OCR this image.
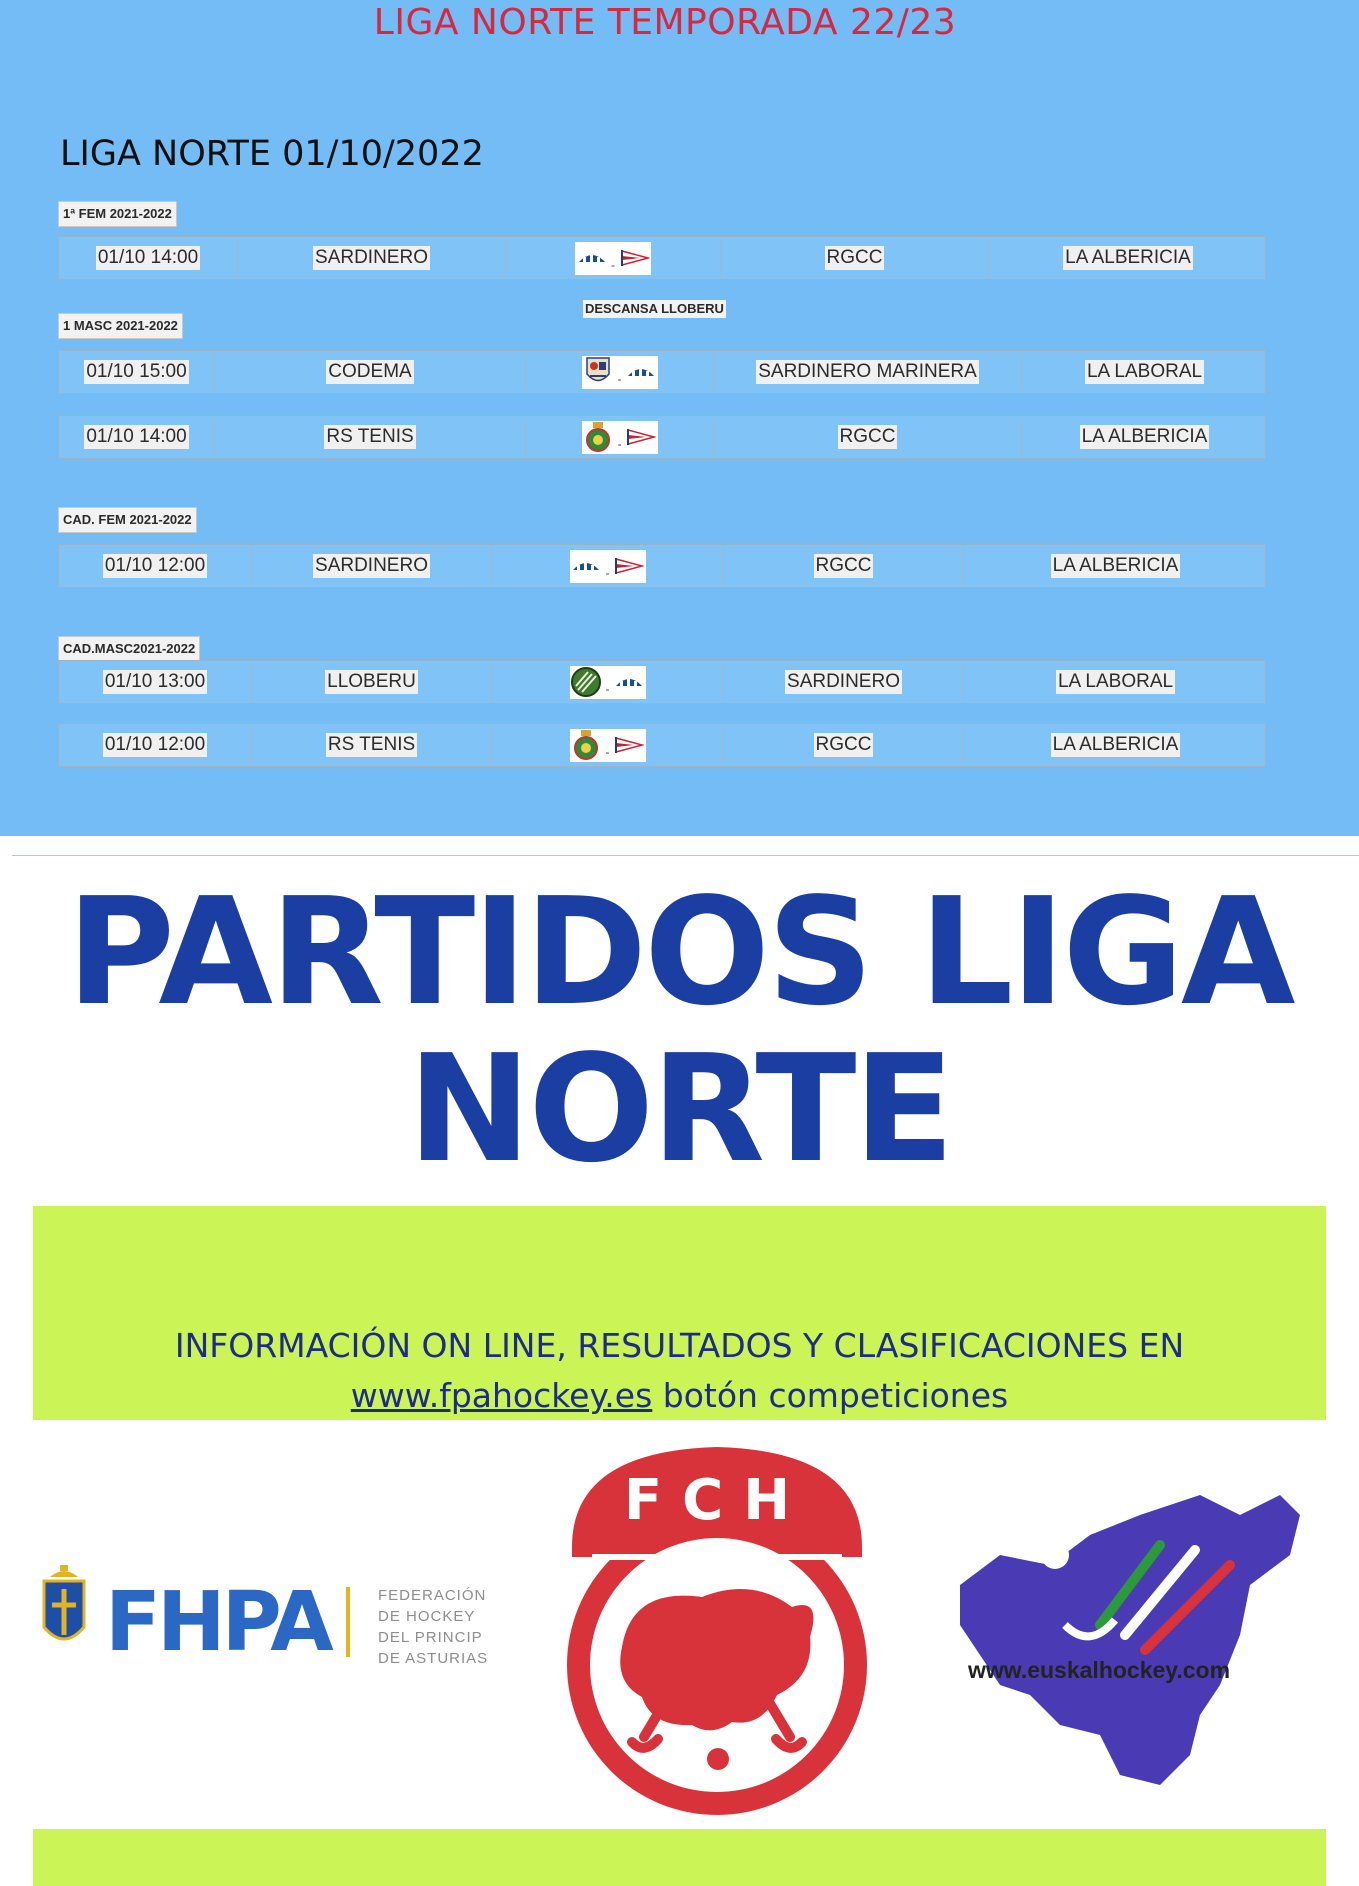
LIGA NORTE TEMPORADA 22/23
LIGA NORTE 01/10/2022
1ª FEM 2021-2022
1 MASC 2021-2022
CAD. FEM 2021-2022
CAD.MASC2021-2022
DESCANSA LLOBERU
01/10 14:00	SARDINERO	-	RGCC	LA ALBERICIA
01/10 15:00	CODEMA	-	SARDINERO MARINERA	LA LABORAL
01/10 14:00	RS TENIS	-	RGCC	LA ALBERICIA
01/10 12:00	SARDINERO	-	RGCC	LA ALBERICIA
01/10 13:00	LLOBERU	-	SARDINERO	LA LABORAL
01/10 12:00	RS TENIS	-	RGCC	LA ALBERICIA
PARTIDOS LIGA
NORTE
INFORMACIÓN ON LINE, RESULTADOS Y CLASIFICACIONES EN
www.fpahockey.es botón competiciones
FHPA	FEDERACIÓN
DE HOCKEY
DEL PRINCIP
DE ASTURIAS
FCH
www.euskalhockey.com
